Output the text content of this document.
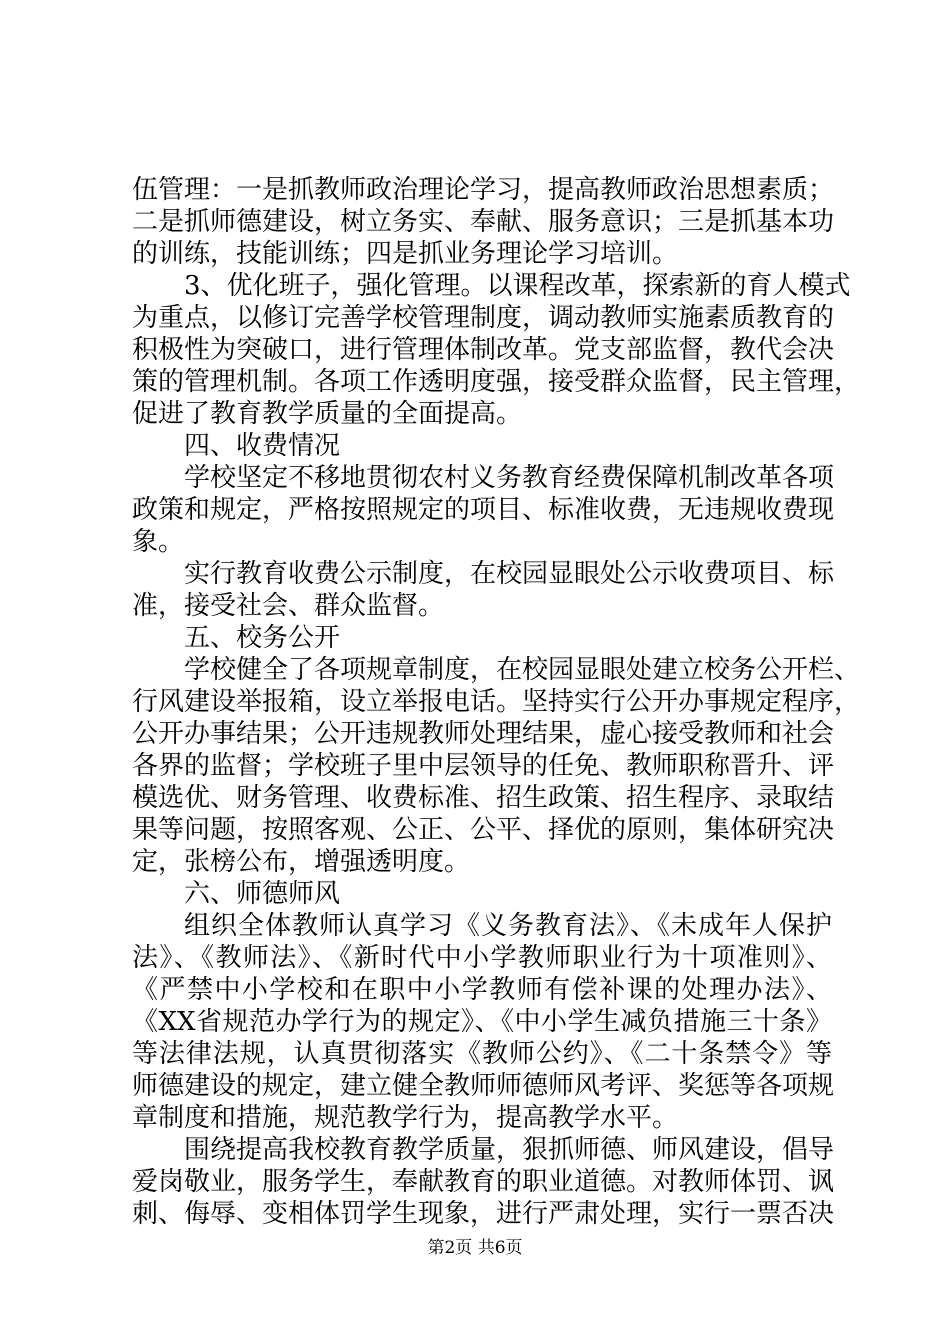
伍管理：一是抓教师政治理论学习，提高教师政治思想素质；
二是抓师德建设，树立务实、奉献、服务意识；三是抓基本功
的训练，技能训练；四是抓业务理论学习培训。
3、优化班子，强化管理。以课程改革，探索新的育人模式
为重点，以修订完善学校管理制度，调动教师实施素质教育的
积极性为突破口，进行管理体制改革。党支部监督，教代会决
策的管理机制。各项工作透明度强，接受群众监督，民主管理，
促进了教育教学质量的全面提高。
四、收费情况
学校坚定不移地贯彻农村义务教育经费保障机制改革各项
政策和规定，严格按照规定的项目、标准收费，无违规收费现
象。
实行教育收费公示制度，在校园显眼处公示收费项目、标
准，接受社会、群众监督。
五、校务公开
学校健全了各项规章制度，在校园显眼处建立校务公开栏、
行风建设举报箱，设立举报电话。坚持实行公开办事规定程序，
公开办事结果；公开违规教师处理结果，虚心接受教师和社会
各界的监督；学校班子里中层领导的任免、教师职称晋升、评
模选优、财务管理、收费标准、招生政策、招生程序、录取结
果等问题，按照客观、公正、公平、择优的原则，集体研究决
定，张榜公布，增强透明度。
六、师德师风
组织全体教师认真学习《义务教育法》、《未成年人保护
法》、《教师法》、《新时代中小学教师职业行为十项准则》、
《严禁中小学校和在职中小学教师有偿补课的处理办法》、
《XX省规范办学行为的规定》、《中小学生减负措施三十条》
等法律法规，认真贯彻落实《教师公约》、《二十条禁令》等
师德建设的规定，建立健全教师师德师风考评、奖惩等各项规
章制度和措施，规范教学行为，提高教学水平。
围绕提高我校教育教学质量，狠抓师德、师风建设，倡导
爱岗敬业，服务学生，奉献教育的职业道德。对教师体罚、讽
刺、侮辱、变相体罚学生现象，进行严肃处理，实行一票否决
第2页 共6页
